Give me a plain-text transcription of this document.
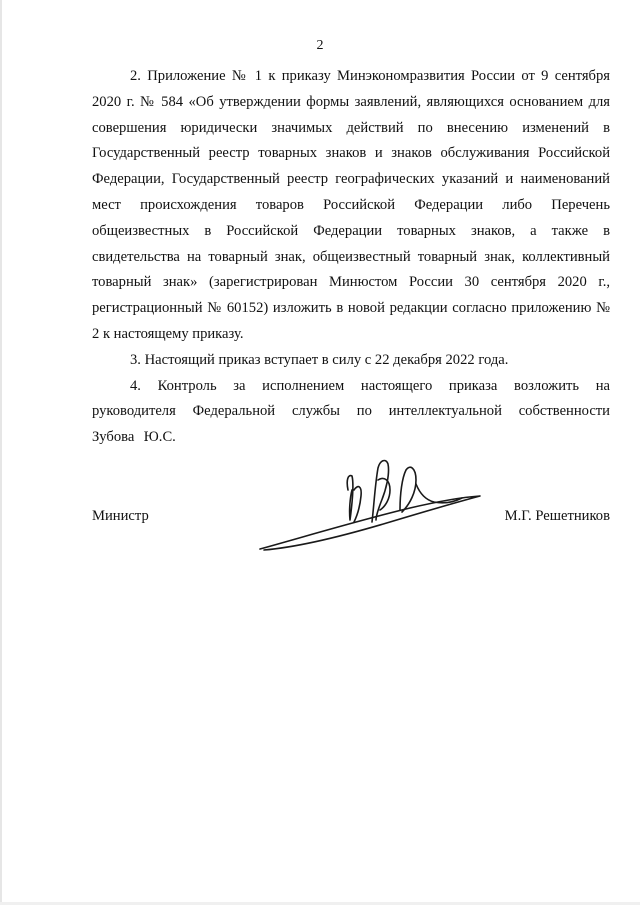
2

2. Приложение № 1 к приказу Минэкономразвития России от 9 сентября 2020 г. № 584 «Об утверждении формы заявлений, являющихся основанием для совершения юридически значимых действий по внесению изменений в Государственный реестр товарных знаков и знаков обслуживания Российской Федерации, Государственный реестр географических указаний и наименований мест происхождения товаров Российской Федерации либо Перечень общеизвестных в Российской Федерации товарных знаков, а также в свидетельства на товарный знак, общеизвестный товарный знак, коллективный товарный знак» (зарегистрирован Минюстом России 30 сентября 2020 г., регистрационный № 60152) изложить в новой редакции согласно приложению № 2 к настоящему приказу.

3. Настоящий приказ вступает в силу с 22 декабря 2022 года.

4. Контроль за исполнением настоящего приказа возложить на руководителя Федеральной службы по интеллектуальной собственности Зубова Ю.С.

Министр	М.Г. Решетников
